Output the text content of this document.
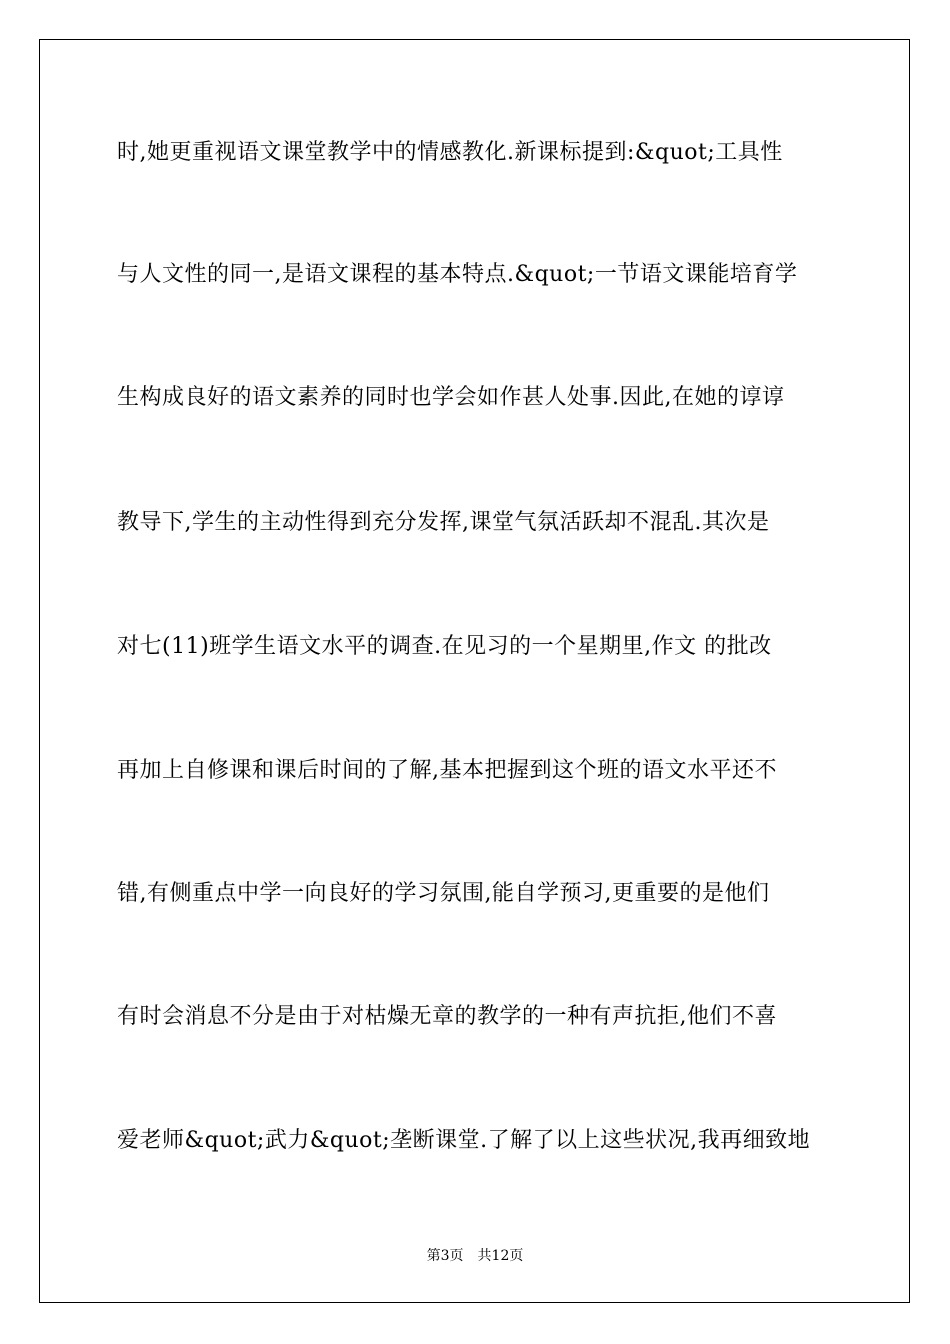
时,她更重视语文课堂教学中的情感教化.新课标提到:&quot;工具性
与人文性的同一,是语文课程的基本特点.&quot;一节语文课能培育学
生构成良好的语文素养的同时也学会如作甚人处事.因此,在她的谆谆
教导下,学生的主动性得到充分发挥,课堂气氛活跃却不混乱.其次是
对七(11)班学生语文水平的调查.在见习的一个星期里,作文 的批改
再加上自修课和课后时间的了解,基本把握到这个班的语文水平还不
错,有侧重点中学一向良好的学习氛围,能自学预习,更重要的是他们
有时会消息不分是由于对枯燥无章的教学的一种有声抗拒,他们不喜
爱老师&quot;武力&quot;垄断课堂.了解了以上这些状况,我再细致地
第3页 共12页
